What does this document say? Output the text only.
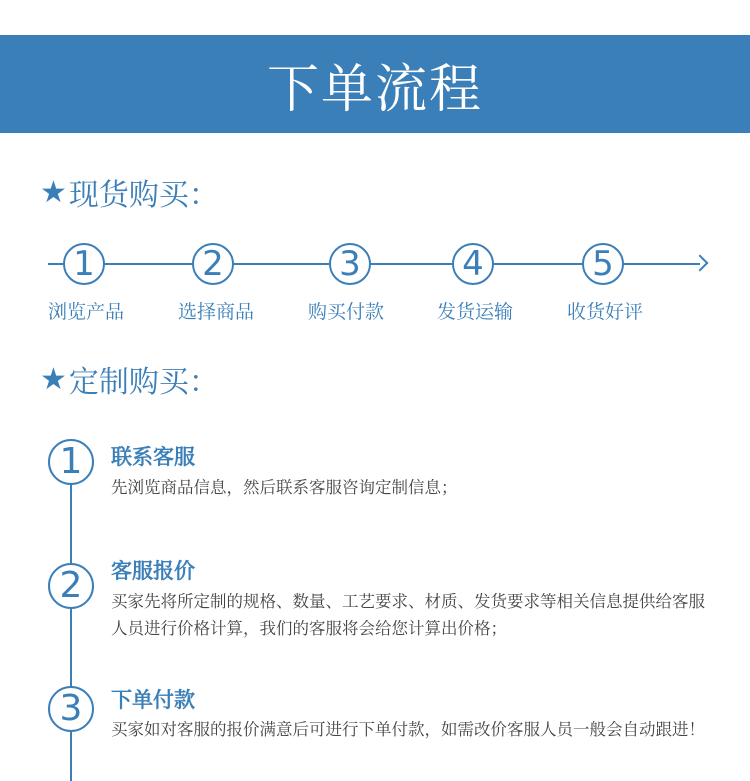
下单流程
★ 现货购买：
1	2	3	4	5
浏览产品	选择商品	购买付款	发货运输	收货好评
★ 定制购买：
1	联系客服
先浏览商品信息，然后联系客服咨询定制信息；
2	客服报价
买家先将所定制的规格、数量、工艺要求、材质、发货要求等相关信息提供给客服人员进行价格计算，我们的客服将会给您计算出价格；
3	下单付款
买家如对客服的报价满意后可进行下单付款，如需改价客服人员一般会自动跟进！
